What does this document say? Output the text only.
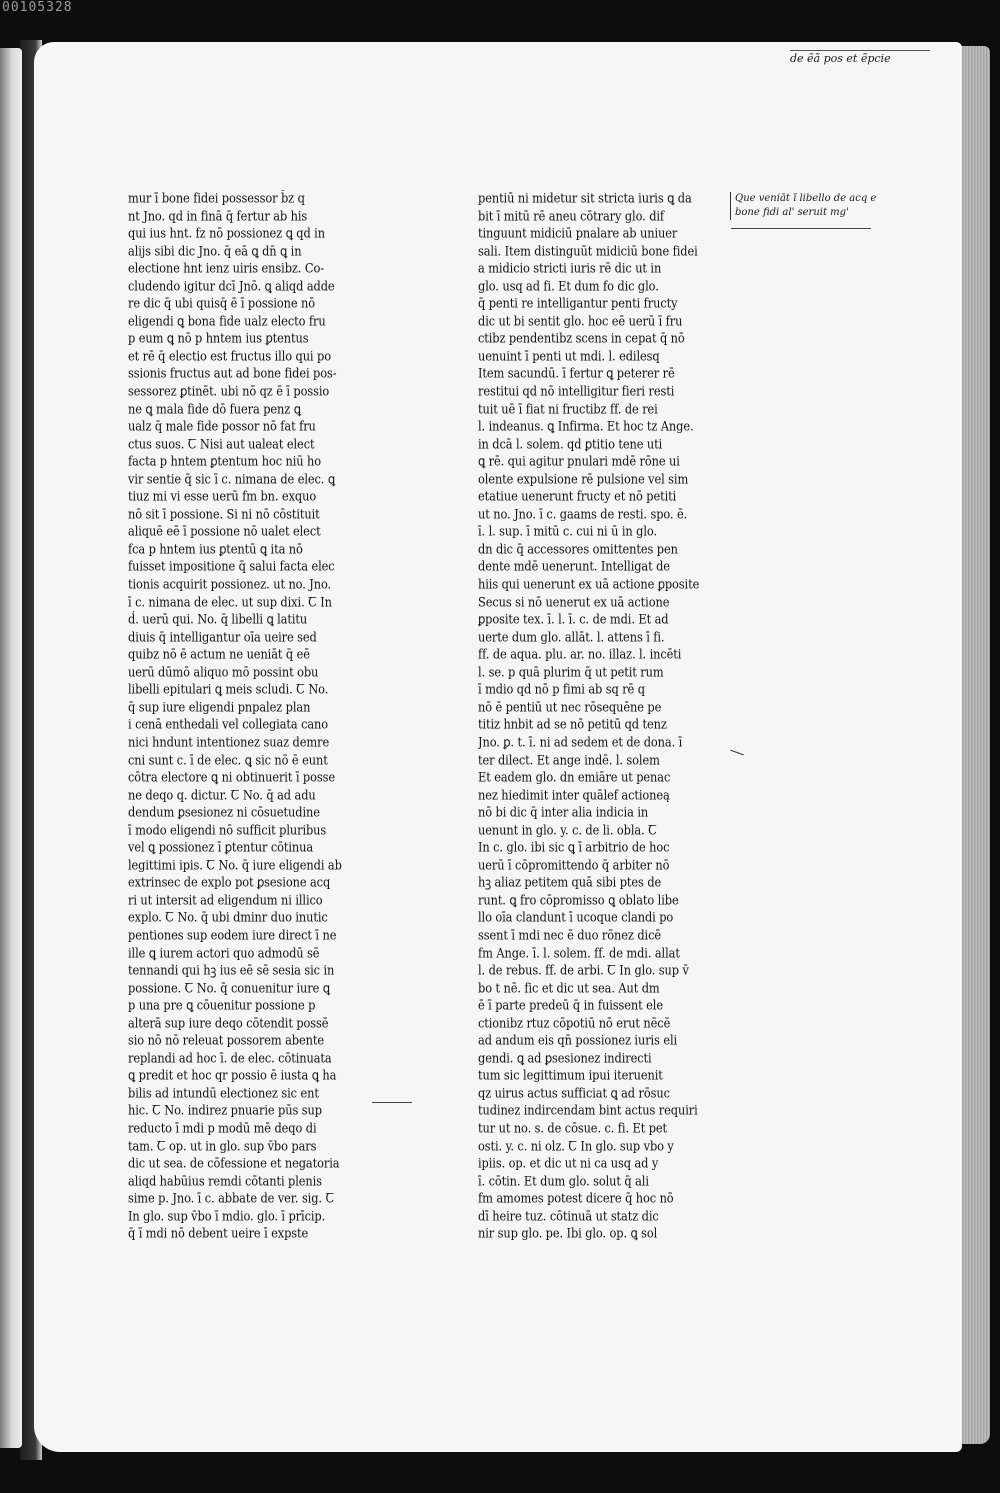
00105328
de ẽã pos et ẽpcie
Que veniāt ī libello de acq e
bone fidi al' seruit mg'
mur ī bone fidei possessor b̄z q
nt Jno. qd in finā q̄ fertur ab his
qui ius hnt. fz nō possionez ꝗ qd in
alijs sibi dic Jno. q̄ eā ꝗ dn̄ ꝗ in
electione hnt ienz uiris ensibz. Co-
cludendo igitur dcī Jnō. ꝗ aliqd adde
re dic q̄ ubi quisq̄ ē ī possione nō
eligendi ꝗ bona fide ualz electo fru
p eum ꝗ nō p hntem ius ꝑtentus
et rē q̄ electio est fructus illo qui po
ssionis fructus aut ad bone fidei pos-
sessorez ꝑtinēt. ubi nō qz ē ī possio
ne ꝗ mala fide dō fuera penz ꝗ
ualz q̄ male fide possor nō fat fru
ctus suos. Ꞇ Nisi aut ualeat elect
facta p hntem ꝑtentum hoc niū ho
vir sentie q̄ sic ī c. nimana de elec. ꝗ
tiuz mi vi esse uerū fm bn. exquo
nō sit ī possione. Si ni nō cōstituit
aliquē eē ī possione nō ualet elect
fca p hntem ius ꝑtentū ꝗ ita nō
fuisset impositione q̄ salui facta elec
tionis acquirit possionez. ut no. Jno.
ī c. nimana de elec. ut sup dixi. Ꞇ In
ḋ. uerū qui. No. q̄ libelli ꝗ latitu
diuis q̄ intelligantur oīa ueire sed
quibz nō ē actum ne ueniāt q̄ eē
uerū dūmō aliquo mō possint obu
libelli epitulari ꝗ meis scludi. Ꞇ No.
q̄ sup iure eligendi pnpalez plan
i cenā enthedali vel collegiata cano
nici hndunt intentionez suaz demre
cni sunt c. ī de elec. ꝗ sic nō ē eunt
cōtra electore ꝗ ni obtinuerit ī posse
ne deqo q. dictur. Ꞇ No. q̄ ad adu
dendum ꝑsesionez ni cōsuetudine
ī modo eligendi nō sufficit pluribus
vel ꝗ possionez ī ꝑtentur cōtinua
legittimi ipis. Ꞇ No. q̄ iure eligendi ab
extrinsec de explo pot ꝑsesione acq
ri ut intersit ad eligendum ni illico
explo. Ꞇ No. q̄ ubi dminr duo inutic
pentiones sup eodem iure direct ī ne
ille ꝗ iurem actori quo admodū sē
tennandi qui hꝫ ius eē sē sesia sic in
possione. Ꞇ No. q̄ conuenitur iure ꝗ
p una pre ꝗ cōuenitur possione p
alterā sup iure deqo cōtendit possē
sio nō nō releuat possorem abente
replandi ad hoc ī. de elec. cōtinuata
ꝗ predit et hoc qr possio ē iusta ꝗ ha
bilis ad intundū electionez sic ent
hic. Ꞇ No. indirez pnuarie pūs sup
reducto ī mdi p modū mē deqo di
tam. Ꞇ op. ut in glo. sup v̄bo pars
dic ut sea. de cōfessione et negatoria
aliqd habūius remdi cōtanti plenis
sime p. Jno. ī c. abbate de ver. sig. Ꞇ
In glo. sup v̄bo ī mdio. glo. ī prīcip.
q̄ ī mdi nō debent ueire ī expste
pentiū ni midetur sit stricta iuris ꝗ da
bit ī mitū rē aneu cōtrary glo. dif
tinguunt midiciū pnalare ab uniuer
sali. Item distinguūt midiciū bone fidei
a midicio stricti iuris rē dic ut in
glo. usq ad fi. Et dum fo dic glo.
q̄ penti re intelligantur penti fructy
dic ut bi sentit glo. hoc eē uerū ī fru
ctibz pendentibz scens in cepat q̄ nō
uenuint ī penti ut mdi. l. edilesq
Item sacundū. ī fertur ꝗ peterer rē
restitui qd nō intelligitur fieri resti
tuit uē ī fiat ni fructibz ff. de rei
l. indeanus. ꝗ Infirma. Et hoc tz Ange.
in dcā l. solem. qd ꝑtitio tene uti
ꝗ rē. qui agitur pnulari mdē rōne ui
olente expulsione rē pulsione vel sim
etatiue uenerunt fructy et nō petiti
ut no. Jno. ī c. gaams de resti. spo. ē.
ī. l. sup. ī mitū c. cui ni ū in glo.
dn dic q̄ accessores omittentes pen
dente mdē uenerunt. Intelligat de
hiis qui uenerunt ex uā actione ꝑposite
Secus si nō uenerut ex uā actione
ꝑposite tex. ī. l. ī. c. de mdi. Et ad
uerte dum glo. allāt. l. attens ī fi.
ff. de aqua. plu. ar. no. illaz. l. incēti
l. se. p quā plurim q̄ ut petit rum
ī mdio qd nō p fimi ab sq rē q
nō ē pentiū ut nec rōsequēne pe
titiz hnbit ad se nō petitū qd tenz
Jno. ꝑ. t. ī. ni ad sedem et de dona. ī
ter dilect. Et ange indē. l. solem
Et eadem glo. dn emiāre ut penac
nez hiedimit inter quālef actioneą
nō bi dic q̄ inter alia indicia in
uenunt in glo. y. c. de li. obla. Ꞇ
In c. glo. ibi sic ꝗ ī arbitrio de hoc
uerū ī cōpromittendo q̄ arbiter nō
hꝫ aliaz petitem quā sibi ptes de
runt. ꝗ fro cōpromisso ꝗ oblato libe
llo oīa clandunt ī ucoque clandi po
ssent ī mdi nec ē duo rōnez dicē
fm Ange. ī. l. solem. ff. de mdi. allat
l. de rebus. ff. de arbi. Ꞇ In glo. sup v̄
bo t nē. fic et dic ut sea. Aut dm
ē ī parte predeū q̄ in fuissent ele
ctionibz rtuz cōpotiū nō erut nēcē
ad andum eis qn̄ possionez iuris eli
gendi. ꝗ ad ꝑsesionez indirecti
tum sic legittimum ipui iteruenit
qz uirus actus sufficiat ꝗ ad rōsuc
tudinez indircendam bint actus requiri
tur ut no. s. de cōsue. c. fi. Et pet
osti. y. c. ni olz. Ꞇ In glo. sup vbo y
ipiis. op. et dic ut ni ca usq ad y
ī. cōtin. Et dum glo. solut q̄ ali
fm amomes potest dicere q̄ hoc nō
dī heire tuz. cōtinuā ut statz dic
nir sup glo. pe. Ibi glo. op. ꝗ sol
